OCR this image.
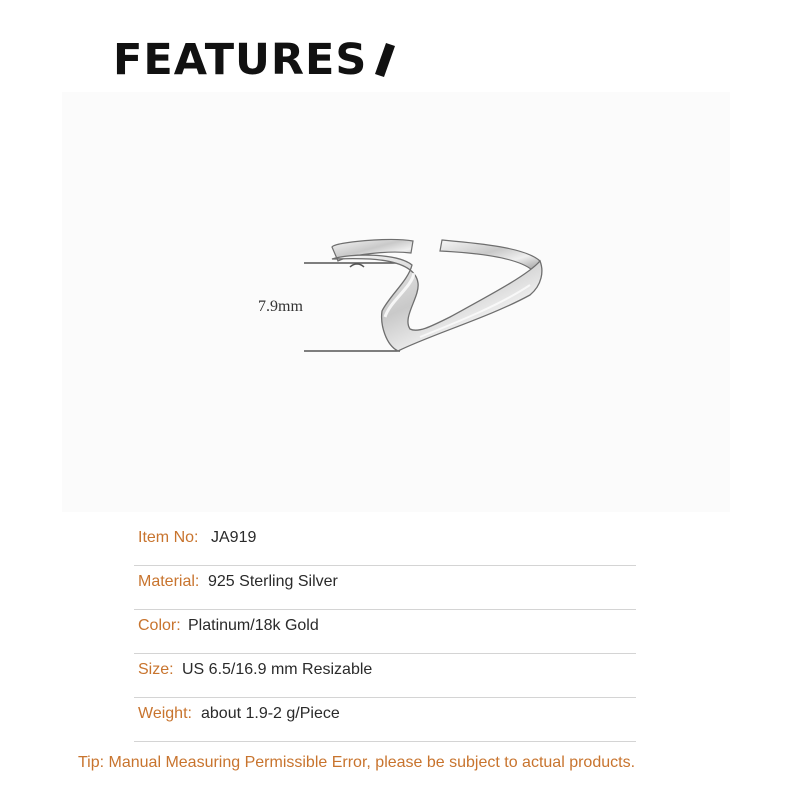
FEATURES
7.9mm
Item No: JA919
Material: 925 Sterling Silver
Color: Platinum/18k Gold
Size: US 6.5/16.9 mm Resizable
Weight: about 1.9-2 g/Piece
Tip: Manual Measuring Permissible Error, please be subject to actual products.
